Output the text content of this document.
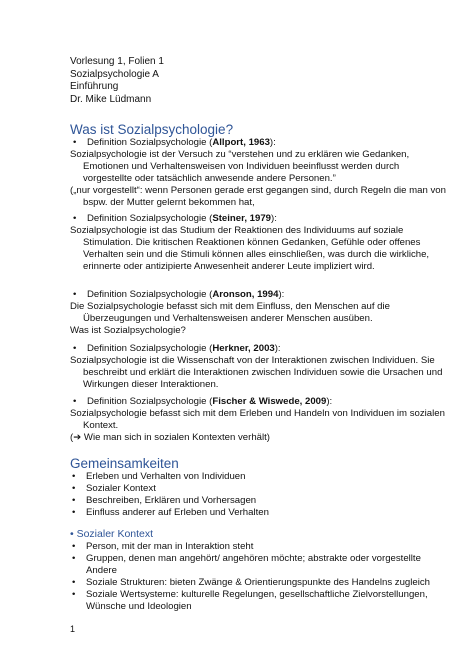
Vorlesung 1, Folien 1
Sozialpsychologie A
Einführung
Dr. Mike Lüdmann
Was ist Sozialpsychologie?
• Definition Sozialpsychologie (Allport, 1963):
Sozialpsychologie ist der Versuch zu “verstehen und zu erklären wie Gedanken, Emotionen und Verhaltensweisen von Individuen beeinflusst werden durch vorgestellte oder tatsächlich anwesende andere Personen.”
(„nur vorgestellt“: wenn Personen gerade erst gegangen sind, durch Regeln die man von bspw. der Mutter gelernt bekommen hat,
• Definition Sozialpsychologie (Steiner, 1979):
Sozialpsychologie ist das Studium der Reaktionen des Individuums auf soziale Stimulation. Die kritischen Reaktionen können Gedanken, Gefühle oder offenes Verhalten sein und die Stimuli können alles einschließen, was durch die wirkliche, erinnerte oder antizipierte Anwesenheit anderer Leute impliziert wird.
• Definition Sozialpsychologie (Aronson, 1994):
Die Sozialpsychologie befasst sich mit dem Einfluss, den Menschen auf die Überzeugungen und Verhaltensweisen anderer Menschen ausüben.
Was ist Sozialpsychologie?
• Definition Sozialpsychologie (Herkner, 2003):
Sozialpsychologie ist die Wissenschaft von der Interaktionen zwischen Individuen. Sie beschreibt und erklärt die Interaktionen zwischen Individuen sowie die Ursachen und Wirkungen dieser Interaktionen.
• Definition Sozialpsychologie (Fischer & Wiswede, 2009):
Sozialpsychologie befasst sich mit dem Erleben und Handeln von Individuen im sozialen Kontext.
(➔ Wie man sich in sozialen Kontexten verhält)
Gemeinsamkeiten
• Erleben und Verhalten von Individuen
• Sozialer Kontext
• Beschreiben, Erklären und Vorhersagen
• Einfluss anderer auf Erleben und Verhalten
• Sozialer Kontext
• Person, mit der man in Interaktion steht
• Gruppen, denen man angehört/ angehören möchte; abstrakte oder vorgestellte Andere
• Soziale Strukturen: bieten Zwänge & Orientierungspunkte des Handelns zugleich
• Soziale Wertsysteme: kulturelle Regelungen, gesellschaftliche Zielvorstellungen, Wünsche und Ideologien
1
